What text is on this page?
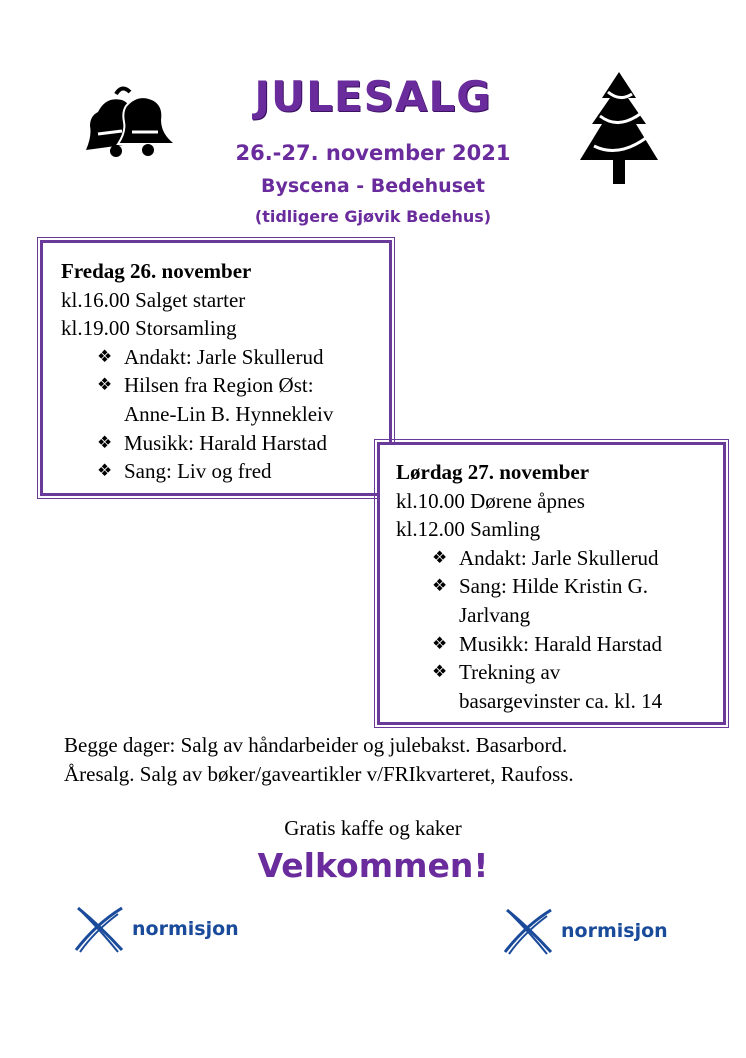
JULESALG
26.-27. november 2021
Byscena - Bedehuset
(tidligere Gjøvik Bedehus)
Fredag 26. november
kl.16.00 Salget starter
kl.19.00 Storsamling
❖ Andakt: Jarle Skullerud
❖ Hilsen fra Region Øst:
Anne-Lin B. Hynnekleiv
❖ Musikk: Harald Harstad
❖ Sang: Liv og fred	Lørdag 27. november
kl.10.00 Dørene åpnes
kl.12.00 Samling
❖ Andakt: Jarle Skullerud
❖ Sang: Hilde Kristin G.
Jarlvang
❖ Musikk: Harald Harstad
❖ Trekning av
basargevinster ca. kl. 14
Begge dager: Salg av håndarbeider og julebakst. Basarbord.
Åresalg. Salg av bøker/gaveartikler v/FRIkvarteret, Raufoss.
Gratis kaffe og kaker
Velkommen!
normisjon	normisjon
